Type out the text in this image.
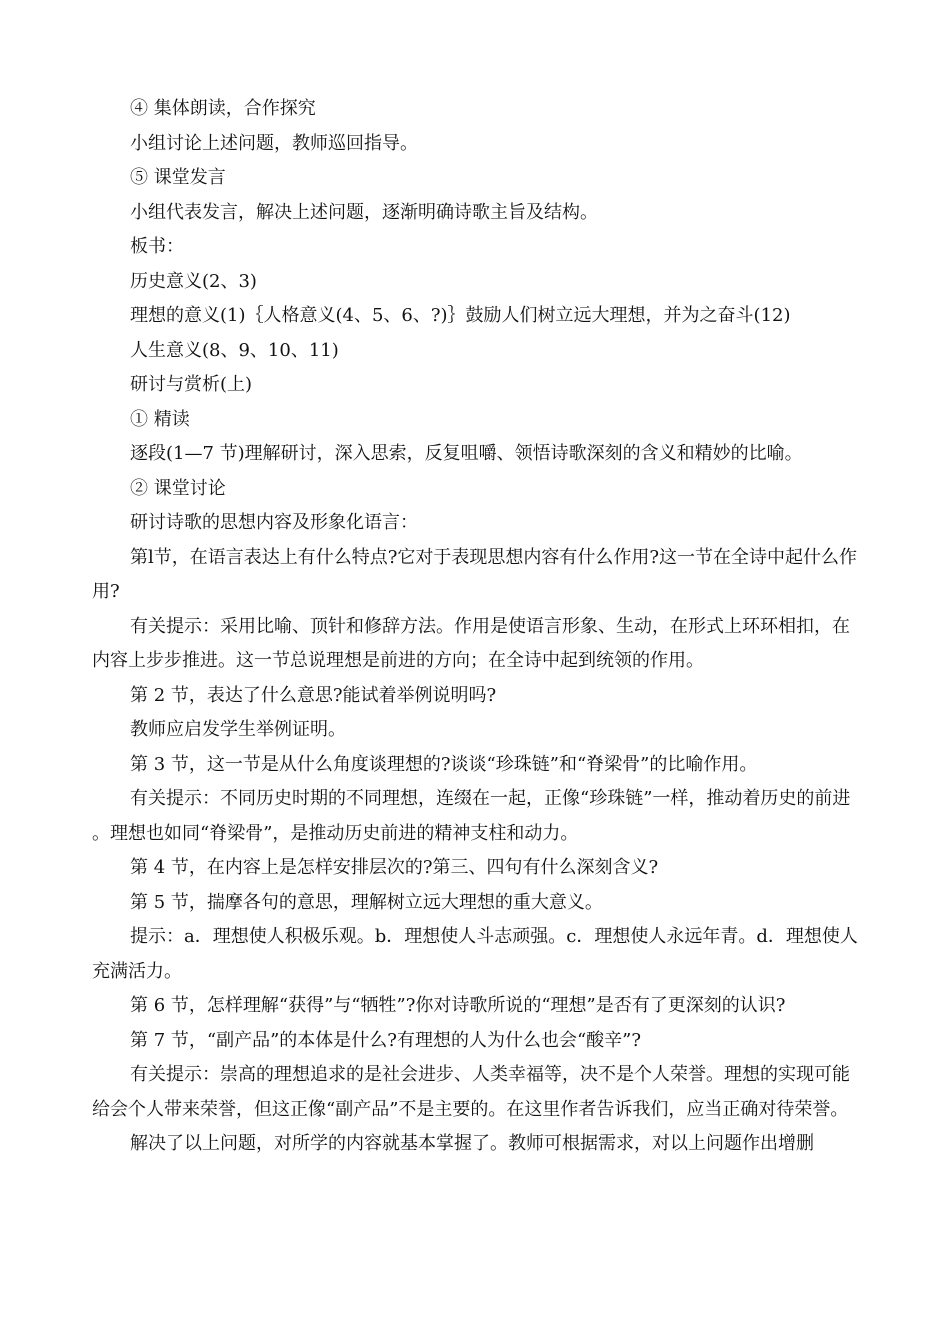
④ 集体朗读，合作探究

小组讨论上述问题，教师巡回指导。

⑤ 课堂发言

小组代表发言，解决上述问题，逐渐明确诗歌主旨及结构。

板书：

历史意义(2、3)

理想的意义(1)｛人格意义(4、5、6、?)｝鼓励人们树立远大理想，并为之奋斗(12)

人生意义(8、9、10、11)

研讨与赏析(上)

① 精读

逐段(1—7 节)理解研讨，深入思索，反复咀嚼、领悟诗歌深刻的含义和精妙的比喻。

② 课堂讨论

研讨诗歌的思想内容及形象化语言：

第l节，在语言表达上有什么特点?它对于表现思想内容有什么作用?这一节在全诗中起什么作用?

有关提示：采用比喻、顶针和修辞方法。作用是使语言形象、生动，在形式上环环相扣，在内容上步步推进。这一节总说理想是前进的方向；在全诗中起到统领的作用。

第 2 节，表达了什么意思?能试着举例说明吗?

教师应启发学生举例证明。

第 3 节，这一节是从什么角度谈理想的?谈谈“珍珠链”和“脊梁骨”的比喻作用。

有关提示：不同历史时期的不同理想，连缀在一起，正像“珍珠链”一样，推动着历史的前进。理想也如同“脊梁骨”，是推动历史前进的精神支柱和动力。

第 4 节，在内容上是怎样安排层次的?第三、四句有什么深刻含义?

第 5 节，揣摩各句的意思，理解树立远大理想的重大意义。

提示：a．理想使人积极乐观。b．理想使人斗志顽强。c．理想使人永远年青。d．理想使人充满活力。

第 6 节，怎样理解“获得”与“牺牲”?你对诗歌所说的“理想”是否有了更深刻的认识?

第 7 节，“副产品”的本体是什么?有理想的人为什么也会“酸辛”?

有关提示：崇高的理想追求的是社会进步、人类幸福等，决不是个人荣誉。理想的实现可能给会个人带来荣誉，但这正像“副产品”不是主要的。在这里作者告诉我们，应当正确对待荣誉。

解决了以上问题，对所学的内容就基本掌握了。教师可根据需求，对以上问题作出增删
